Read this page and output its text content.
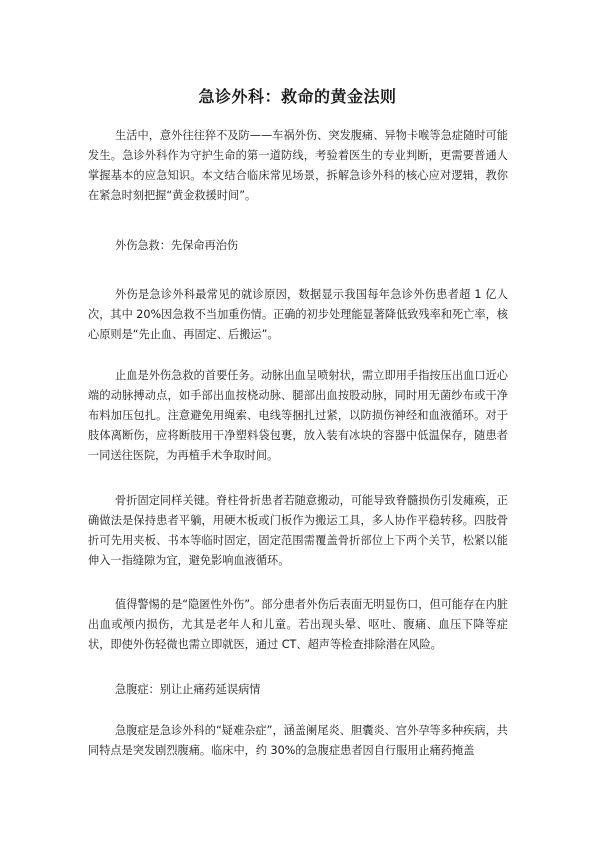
急诊外科：救命的黄金法则

生活中，意外往往猝不及防——车祸外伤、突发腹痛、异物卡喉等急症随时可能发生。急诊外科作为守护生命的第一道防线，考验着医生的专业判断，更需要普通人掌握基本的应急知识。本文结合临床常见场景，拆解急诊外科的核心应对逻辑，教你在紧急时刻把握“黄金救援时间”。

外伤急救：先保命再治伤

外伤是急诊外科最常见的就诊原因，数据显示我国每年急诊外伤患者超 1 亿人次，其中 20%因急救不当加重伤情。正确的初步处理能显著降低致残率和死亡率，核心原则是“先止血、再固定、后搬运”。

止血是外伤急救的首要任务。动脉出血呈喷射状，需立即用手指按压出血口近心端的动脉搏动点，如手部出血按桡动脉、腿部出血按股动脉，同时用无菌纱布或干净布料加压包扎。注意避免用绳索、电线等捆扎过紧，以防损伤神经和血液循环。对于肢体离断伤，应将断肢用干净塑料袋包裹，放入装有冰块的容器中低温保存，随患者一同送往医院，为再植手术争取时间。

骨折固定同样关键。脊柱骨折患者若随意搬动，可能导致脊髓损伤引发瘫痪，正确做法是保持患者平躺，用硬木板或门板作为搬运工具，多人协作平稳转移。四肢骨折可先用夹板、书本等临时固定，固定范围需覆盖骨折部位上下两个关节，松紧以能伸入一指缝隙为宜，避免影响血液循环。

值得警惕的是“隐匿性外伤”。部分患者外伤后表面无明显伤口，但可能存在内脏出血或颅内损伤，尤其是老年人和儿童。若出现头晕、呕吐、腹痛、血压下降等症状，即使外伤轻微也需立即就医，通过 CT、超声等检查排除潜在风险。

急腹症：别让止痛药延误病情

急腹症是急诊外科的“疑难杂症”，涵盖阑尾炎、胆囊炎、宫外孕等多种疾病，共同特点是突发剧烈腹痛。临床中，约 30%的急腹症患者因自行服用止痛药掩盖
